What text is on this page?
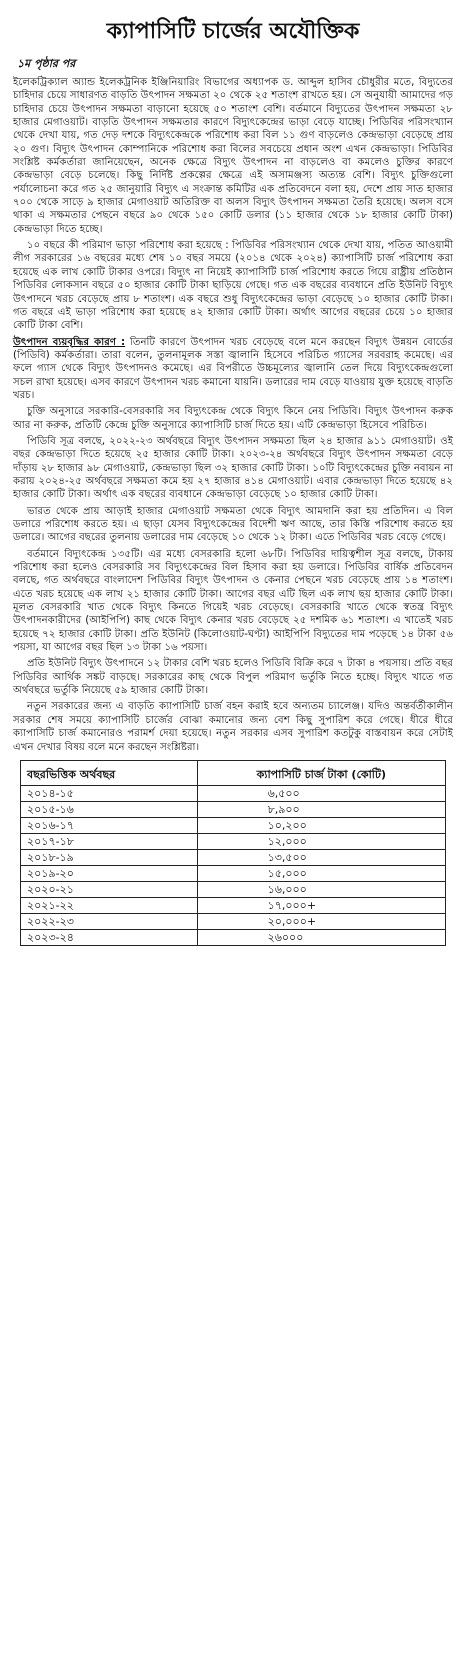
ক্যাপাসিটি চার্জের অযৌক্তিক
১ম পৃষ্ঠার পর

ইলেকট্রিক্যাল অ্যান্ড ইলেকট্রনিক ইঞ্জিনিয়ারিং বিভাগের অধ্যাপক ড. আব্দুল হাসিব চৌধুরীর মতে, বিদ্যুতের চাহিদার চেয়ে সাধারণত বাড়তি উৎপাদন সক্ষমতা ২০ থেকে ২৫ শতাংশ রাখতে হয়। সে অনুযায়ী আমাদের গড় চাহিদার চেয়ে উৎপাদন সক্ষমতা বাড়ানো হয়েছে ৫০ শতাংশ বেশি। বর্তমানে বিদ্যুতের উৎপাদন সক্ষমতা ২৮ হাজার মেগাওয়াট। বাড়তি উৎপাদন সক্ষমতার কারণে বিদ্যুৎকেন্দ্রের ভাড়া বেড়ে যাচ্ছে। পিডিবির পরিসংখ্যান থেকে দেখা যায়, গত দেড় দশকে বিদ্যুৎকেন্দ্রকে পরিশোধ করা বিল ১১ গুণ বাড়লেও কেন্দ্রভাড়া বেড়েছে প্রায় ২০ গুণ। বিদ্যুৎ উৎপাদন কোম্পানিকে পরিশোধ করা বিলের সবচেয়ে প্রধান অংশ এখন কেন্দ্রভাড়া। পিডিবির সংশ্লিষ্ট কর্মকর্তারা জানিয়েছেন, অনেক ক্ষেত্রে বিদ্যুৎ উৎপাদন না বাড়লেও বা কমলেও চুক্তির কারণে কেন্দ্রভাড়া বেড়ে চলেছে। কিছু নির্দিষ্ট প্রকল্পের ক্ষেত্রে এই অসামঞ্জস্য অত্যন্ত বেশি। বিদ্যুৎ চুক্তিগুলো পর্যালোচনা করে গত ২৫ জানুয়ারি বিদ্যুৎ এ সংক্রান্ত কমিটির এক প্রতিবেদনে বলা হয়, দেশে প্রায় সাত হাজার ৭০০ থেকে সাড়ে ৯ হাজার মেগাওয়াট অতিরিক্ত বা অলস বিদ্যুৎ উৎপাদন সক্ষমতা তৈরি হয়েছে। অলস বসে থাকা এ সক্ষমতার পেছনে বছরে ৯০ থেকে ১৫০ কোটি ডলার (১১ হাজার থেকে ১৮ হাজার কোটি টাকা) কেন্দ্রভাড়া দিতে হচ্ছে।

১০ বছরে কী পরিমাণ ভাড়া পরিশোধ করা হয়েছে : পিডিবির পরিসংখ্যান থেকে দেখা যায়, পতিত আওয়ামী লীগ সরকারের ১৬ বছরের মধ্যে শেষ ১০ বছর সময়ে (২০১৪ থেকে ২০২৪) ক্যাপাসিটি চার্জ পরিশোধ করা হয়েছে এক লাখ কোটি টাকার ওপরে। বিদ্যুৎ না নিয়েই ক্যাপাসিটি চার্জ পরিশোধ করতে গিয়ে রাষ্ট্রীয় প্রতিষ্ঠান পিডিবির লোকসান বছরে ৫০ হাজার কোটি টাকা ছাড়িয়ে গেছে। গত এক বছরের ব্যবধানে প্রতি ইউনিট বিদ্যুৎ উৎপাদনে খরচ বেড়েছে প্রায় ৮ শতাংশ। এক বছরে শুধু বিদ্যুৎকেন্দ্রের ভাড়া বেড়েছে ১০ হাজার কোটি টাকা। গত বছরে এই ভাড়া পরিশোধ করা হয়েছে ৪২ হাজার কোটি টাকা। অর্থাৎ আগের বছরের চেয়ে ১০ হাজার কোটি টাকা বেশি।

উৎপাদন ব্যয়বৃদ্ধির কারণ : তিনটি কারণে উৎপাদন খরচ বেড়েছে বলে মনে করছেন বিদ্যুৎ উন্নয়ন বোর্ডের (পিডিবি) কর্মকর্তারা। তারা বলেন, তুলনামূলক সস্তা জ্বালানি হিসেবে পরিচিত গ্যাসের সরবরাহ কমেছে। এর ফলে গ্যাস থেকে বিদ্যুৎ উৎপাদনও কমেছে। এর বিপরীতে উচ্চমূল্যের জ্বালানি তেল দিয়ে বিদ্যুৎকেন্দ্রগুলো সচল রাখা হয়েছে। এসব কারণে উৎপাদন খরচ কমানো যায়নি। ডলারের দাম বেড়ে যাওয়ায় যুক্ত হয়েছে বাড়তি খরচ।

চুক্তি অনুসারে সরকারি-বেসরকারি সব বিদ্যুৎকেন্দ্র থেকে বিদ্যুৎ কিনে নেয় পিডিবি। বিদ্যুৎ উৎপাদন করুক আর না করুক, প্রতিটি কেন্দ্রে চুক্তি অনুসারে ক্যাপাসিটি চার্জ দিতে হয়। এটি কেন্দ্রভাড়া হিসেবে পরিচিত।

পিডিবি সূত্র বলছে, ২০২২-২৩ অর্থবছরে বিদ্যুৎ উৎপাদন সক্ষমতা ছিল ২৪ হাজার ৯১১ মেগাওয়াট। ওই বছর কেন্দ্রভাড়া দিতে হয়েছে ২৫ হাজার কোটি টাকা। ২০২৩-২৪ অর্থবছরে বিদ্যুৎ উৎপাদন সক্ষমতা বেড়ে দাঁড়ায় ২৮ হাজার ৯৮ মেগাওয়াট, কেন্দ্রভাড়া ছিল ৩২ হাজার কোটি টাকা। ১০টি বিদ্যুৎকেন্দ্রের চুক্তি নবায়ন না করায় ২০২৪-২৫ অর্থবছরে সক্ষমতা কমে হয় ২৭ হাজার ৪১৪ মেগাওয়াট। এবার কেন্দ্রভাড়া দিতে হয়েছে ৪২ হাজার কোটি টাকা। অর্থাৎ এক বছরের ব্যবধানে কেন্দ্রভাড়া বেড়েছে ১০ হাজার কোটি টাকা।

ভারত থেকে প্রায় আড়াই হাজার মেগাওয়াট সক্ষমতা থেকে বিদ্যুৎ আমদানি করা হয় প্রতিদিন। এ বিল ডলারে পরিশোধ করতে হয়। এ ছাড়া যেসব বিদ্যুৎকেন্দ্রের বিদেশী ঋণ আছে, তার কিস্তি পরিশোধ করতে হয় ডলারে। আগের বছরের তুলনায় ডলারের দাম বেড়েছে ১০ থেকে ১২ টাকা। এতে পিডিবির খরচ বেড়ে গেছে।

বর্তমানে বিদ্যুৎকেন্দ্র ১৩৫টি। এর মধ্যে বেসরকারি হলো ৬৮টি। পিডিবির দায়িত্বশীল সূত্র বলছে, টাকায় পরিশোধ করা হলেও বেসরকারি সব বিদ্যুৎকেন্দ্রের বিল হিসাব করা হয় ডলারে। পিডিবির বার্ষিক প্রতিবেদন বলছে, গত অর্থবছরে বাংলাদেশ পিডিবির বিদ্যুৎ উৎপাদন ও কেনার পেছনে খরচ বেড়েছে প্রায় ১৪ শতাংশ। এতে খরচ হয়েছে এক লাখ ২১ হাজার কোটি টাকা। আগের বছর এটি ছিল এক লাখ ছয় হাজার কোটি টাকা। মূলত বেসরকারি খাত থেকে বিদ্যুৎ কিনতে গিয়েই খরচ বেড়েছে। বেসরকারি খাতে থেকে স্বতন্ত্র বিদ্যুৎ উৎপাদনকারীদের (আইপিপি) কাছ থেকে বিদ্যুৎ কেনার খরচ বেড়েছে ২৫ দশমিক ৬১ শতাংশ। এ খাতেই খরচ হয়েছে ৭২ হাজার কোটি টাকা। প্রতি ইউনিট (কিলোওয়াট-ঘণ্টা) আইপিপি বিদ্যুতের দাম পড়েছে ১৪ টাকা ৫৬ পয়সা, যা আগের বছর ছিল ১৩ টাকা ১৬ পয়সা।

প্রতি ইউনিট বিদ্যুৎ উৎপাদনে ১২ টাকার বেশি খরচ হলেও পিডিবি বিক্রি করে ৭ টাকা ৪ পয়সায়। প্রতি বছর পিডিবির আর্থিক সঙ্কট বাড়ছে। সরকারের কাছ থেকে বিপুল পরিমাণ ভর্তুকি নিতে হচ্ছে। বিদ্যুৎ খাতে গত অর্থবছরে ভর্তুকি নিয়েছে ৫৯ হাজার কোটি টাকা।

নতুন সরকারের জন্য এ বাড়তি ক্যাপাসিটি চার্জ বহন করাই হবে অন্যতম চ্যালেঞ্জ। যদিও অন্তর্বর্তীকালীন সরকার শেষ সময়ে ক্যাপাসিটি চার্জের বোঝা কমানোর জন্য বেশ কিছু সুপারিশ করে গেছে। ধীরে ধীরে ক্যাপাসিটি চার্জ কমানোরও পরামর্শ দেয়া হয়েছে। নতুন সরকার এসব সুপারিশ কতটুকু বাস্তবায়ন করে সেটাই এখন দেখার বিষয় বলে মনে করছেন সংশ্লিষ্টরা।

বছরভিত্তিক অর্থবছর	ক্যাপাসিটি চার্জ টাকা (কোটি)
২০১৪-১৫	৬,৫০০
২০১৫-১৬	৮,৯০০
২০১৬-১৭	১০,২০০
২০১৭-১৮	১২,০০০
২০১৮-১৯	১৩,৫০০
২০১৯-২০	১৫,০০০
২০২০-২১	১৬,০০০
২০২১-২২	১৭,০০০+
২০২২-২৩	২০,০০০+
২০২৩-২৪	২৬০০০
